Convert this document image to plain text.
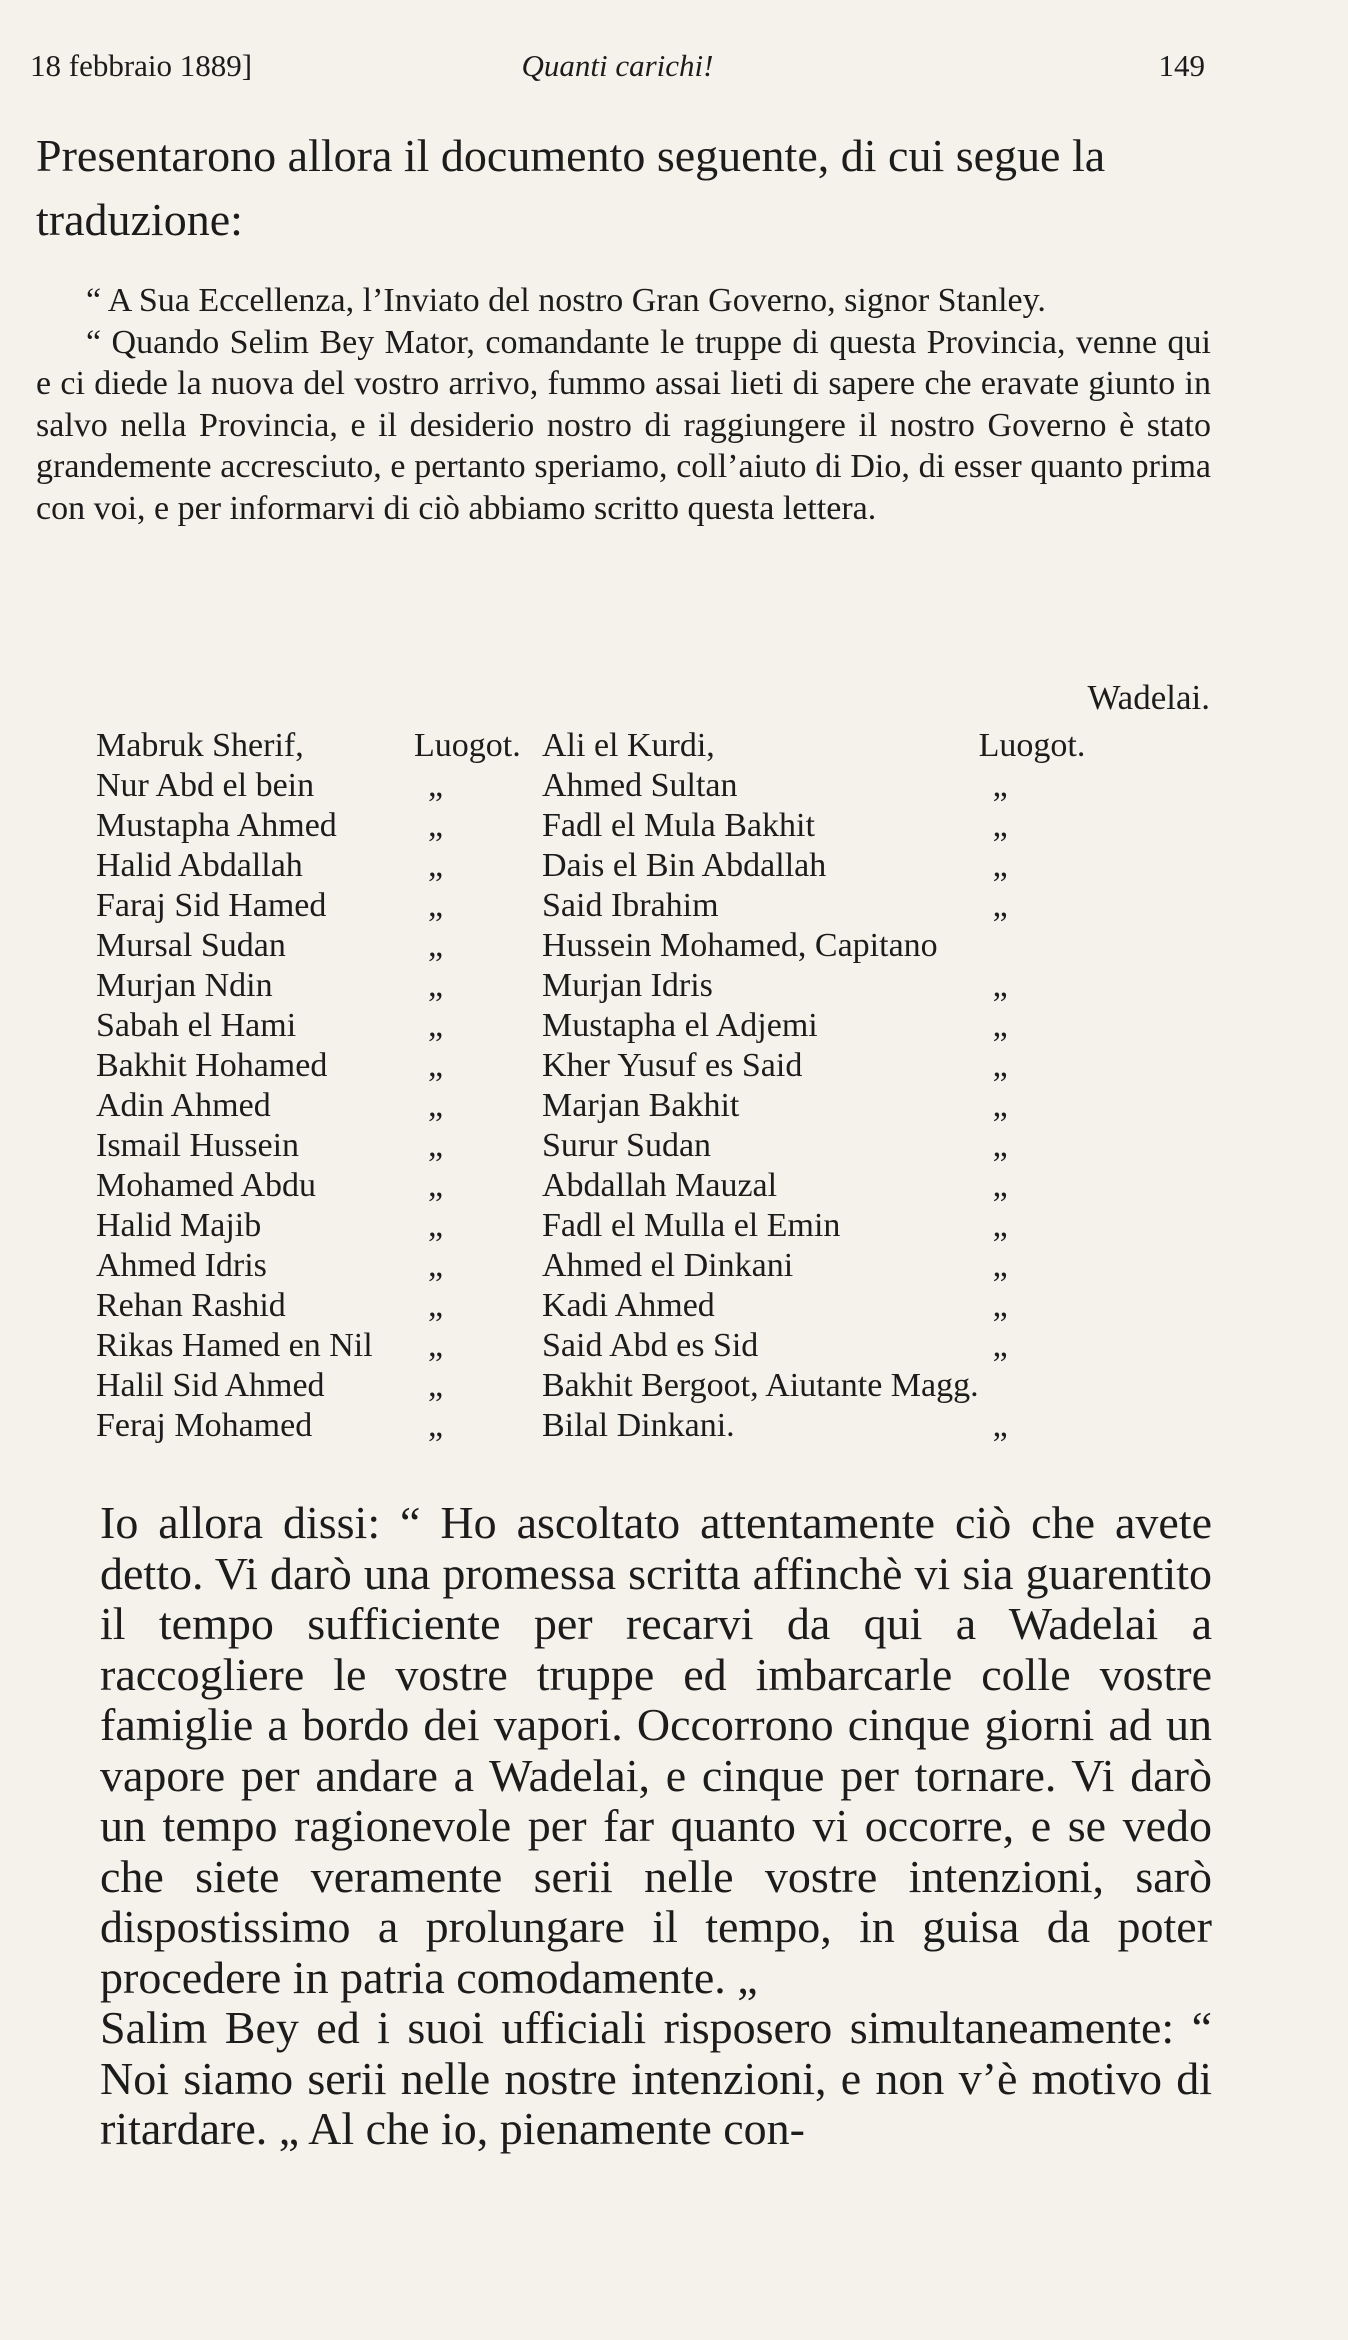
18 febbraio 1889]	Quanti carichi!	149

Presentarono allora il documento seguente, di cui segue la traduzione:

“ A Sua Eccellenza, l’Inviato del nostro Gran Governo, signor Stanley.

“ Quando Selim Bey Mator, comandante le truppe di questa Provincia, venne qui e ci diede la nuova del vostro arrivo, fummo assai lieti di sapere che eravate giunto in salvo nella Provincia, e il desiderio nostro di raggiungere il nostro Governo è stato grandemente accresciuto, e pertanto speriamo, coll’aiuto di Dio, di esser quanto prima con voi, e per informarvi di ciò abbiamo scritto questa lettera.

Wadelai.
Mabruk Sherif,	Luogot.	Ali el Kurdi,	Luogot.
Nur Abd el bein	„	Ahmed Sultan	„
Mustapha Ahmed	„	Fadl el Mula Bakhit	„
Halid Abdallah	„	Dais el Bin Abdallah	„
Faraj Sid Hamed	„	Said Ibrahim	„
Mursal Sudan	„	Hussein Mohamed, Capitano	
Murjan Ndin	„	Murjan Idris	„
Sabah el Hami	„	Mustapha el Adjemi	„
Bakhit Hohamed	„	Kher Yusuf es Said	„
Adin Ahmed	„	Marjan Bakhit	„
Ismail Hussein	„	Surur Sudan	„
Mohamed Abdu	„	Abdallah Mauzal	„
Halid Majib	„	Fadl el Mulla el Emin	„
Ahmed Idris	„	Ahmed el Dinkani	„
Rehan Rashid	„	Kadi Ahmed	„
Rikas Hamed en Nil	„	Said Abd es Sid	„
Halil Sid Ahmed	„	Bakhit Bergoot, Aiutante Magg.	
Feraj Mohamed	„	Bilal Dinkani.	„

Io allora dissi: “ Ho ascoltato attentamente ciò che avete detto. Vi darò una promessa scritta affinchè vi sia guarentito il tempo sufficiente per recarvi da qui a Wadelai a raccogliere le vostre truppe ed imbarcarle colle vostre famiglie a bordo dei vapori. Occorrono cinque giorni ad un vapore per andare a Wadelai, e cinque per tornare. Vi darò un tempo ragionevole per far quanto vi occorre, e se vedo che siete veramente serii nelle vostre intenzioni, sarò dispostissimo a prolungare il tempo, in guisa da poter procedere in patria comodamente. „

Salim Bey ed i suoi ufficiali risposero simultaneamente: “ Noi siamo serii nelle nostre intenzioni, e non v’è motivo di ritardare. „ Al che io, pienamente con-
